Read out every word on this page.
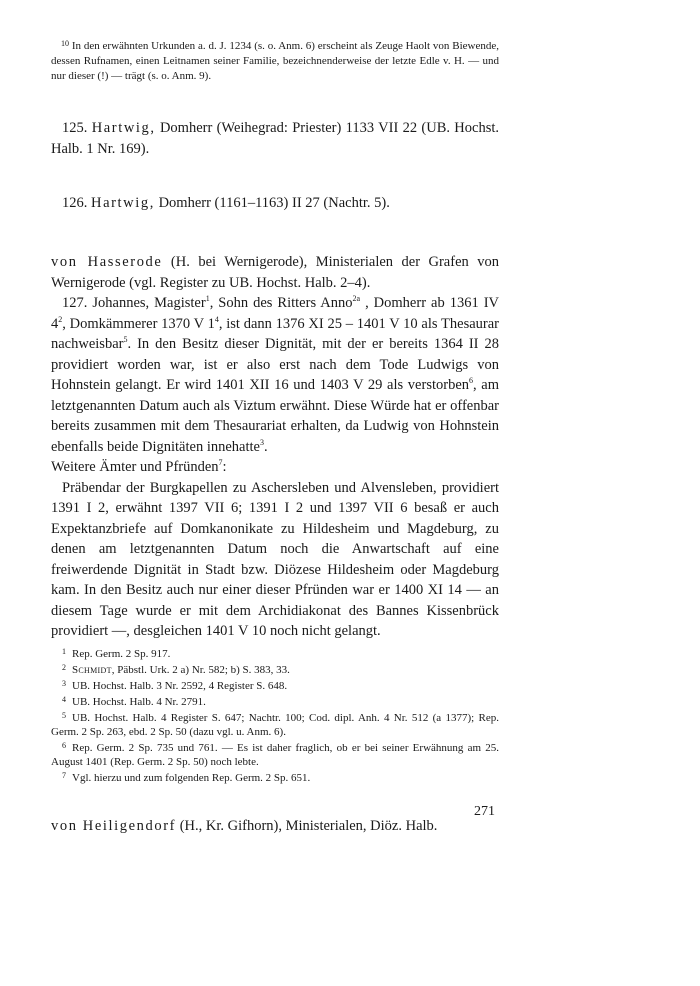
$^{10}$ In den erwähnten Urkunden a. d. J. 1234 (s. o. Anm. 6) erscheint als Zeuge Haolt von Biewende, dessen Rufnamen, einen Leitnamen seiner Familie, bezeichnenderweise der letzte Edle v. H. — und nur dieser (!) — trägt (s. o. Anm. 9).

125. Hartwig, Domherr (Weihegrad: Priester) 1133 VII 22 (UB. Hochst. Halb. 1 Nr. 169).

126. Hartwig, Domherr (1161–1163) II 27 (Nachtr. 5).

von Hasserode (H. bei Wernigerode), Ministerialen der Grafen von Wernigerode (vgl. Register zu UB. Hochst. Halb. 2–4).

127. Johannes, Magister$^1$, Sohn des Ritters Anno$^{2a}$ , Domherr ab 1361 IV $4^2$, Domkämmerer 1370 V $1^4$, ist dann 1376 XI 25 – 1401 V 10 als Thesaurar nachweisbar$^5$. In den Besitz dieser Dignität, mit der er bereits 1364 II 28 providiert worden war, ist er also erst nach dem Tode Ludwigs von Hohnstein gelangt. Er wird 1401 XII 16 und 1403 V 29 als verstorben$^6$, am letztgenannten Datum auch als Viztum erwähnt. Diese Würde hat er offenbar bereits zusammen mit dem Thesaurariat erhalten, da Ludwig von Hohnstein ebenfalls beide Dignitäten innehatte$^3$.

Weitere Ämter und Pfründen$^7$:

Präbendar der Burgkapellen zu Aschersleben und Alvensleben, providiert 1391 I 2, erwähnt 1397 VII 6; 1391 I 2 und 1397 VII 6 besaß er auch Expektanzbriefe auf Domkanonikate zu Hildesheim und Magdeburg, zu denen am letztgenannten Datum noch die Anwartschaft auf eine freiwerdende Dignität in Stadt bzw. Diözese Hildesheim oder Magdeburg kam. In den Besitz auch nur einer dieser Pfründen war er 1400 XI 14 — an diesem Tage wurde er mit dem Archidiakonat des Bannes Kissenbrück providiert —, desgleichen 1401 V 10 noch nicht gelangt.

1 Rep. Germ. 2 Sp. 917.

2 Schmidt, Päbstl. Urk. 2 a) Nr. 582; b) S. 383, 33.

3 UB. Hochst. Halb. 3 Nr. 2592, 4 Register S. 648.

4 UB. Hochst. Halb. 4 Nr. 2791.

5 UB. Hochst. Halb. 4 Register S. 647; Nachtr. 100; Cod. dipl. Anh. 4 Nr. 512 (a 1377); Rep. Germ. 2 Sp. 263, ebd. 2 Sp. 50 (dazu vgl. u. Anm. 6).

6 Rep. Germ. 2 Sp. 735 und 761. — Es ist daher fraglich, ob er bei seiner Erwähnung am 25. August 1401 (Rep. Germ. 2 Sp. 50) noch lebte.

7 Vgl. hierzu und zum folgenden Rep. Germ. 2 Sp. 651.

von Heiligendorf (H., Kr. Gifhorn), Ministerialen, Diöz. Halb.

271
